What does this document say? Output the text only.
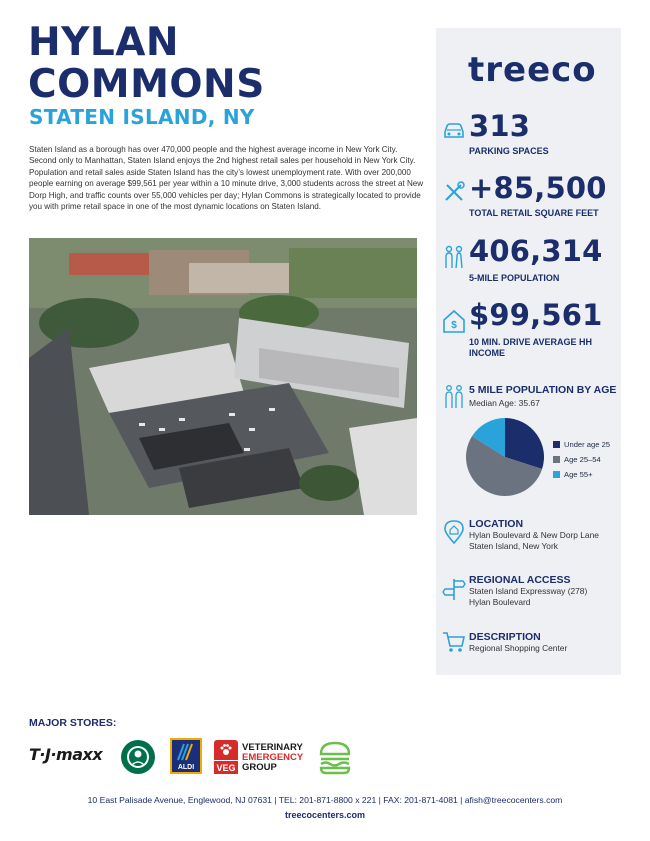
HYLAN
COMMONS
STATEN ISLAND, NY

Staten Island as a borough has over 470,000 people and the highest average income in New York City. Second only to Manhattan, Staten Island enjoys the 2nd highest retail sales per household in New York City. Population and retail sales aside Staten Island has the city’s lowest unemployment rate. With over 200,000 people earning on average $99,561 per year within a 10 minute drive, 3,000 students across the street at New Dorp High, and traffic counts over 55,000 vehicles per day; Hylan Commons is strategically located to provide you with prime retail space in one of the most dynamic locations on Staten Island.

treeco
313
PARKING SPACES
+85,500
TOTAL RETAIL SQUARE FEET
406,314
5-MILE POPULATION
$ $99,561
10 MIN. DRIVE AVERAGE HH INCOME
5 MILE POPULATION BY AGE
Median Age: 35.67
Under age 25
Age 25–54
Age 55+
LOCATION
Hylan Boulevard & New Dorp Lane
Staten Island, New York
REGIONAL ACCESS
Staten Island Expressway (278)
Hylan Boulevard
DESCRIPTION
Regional Shopping Center
MAJOR STORES:
T·J·maxx
ALDI	VEG
VETERINARY
EMERGENCY
GROUP
10 East Palisade Avenue, Englewood, NJ 07631 | TEL: 201-871-8800 x 221 | FAX: 201-871-4081 | afish@treecocenters.com
treecocenters.com
